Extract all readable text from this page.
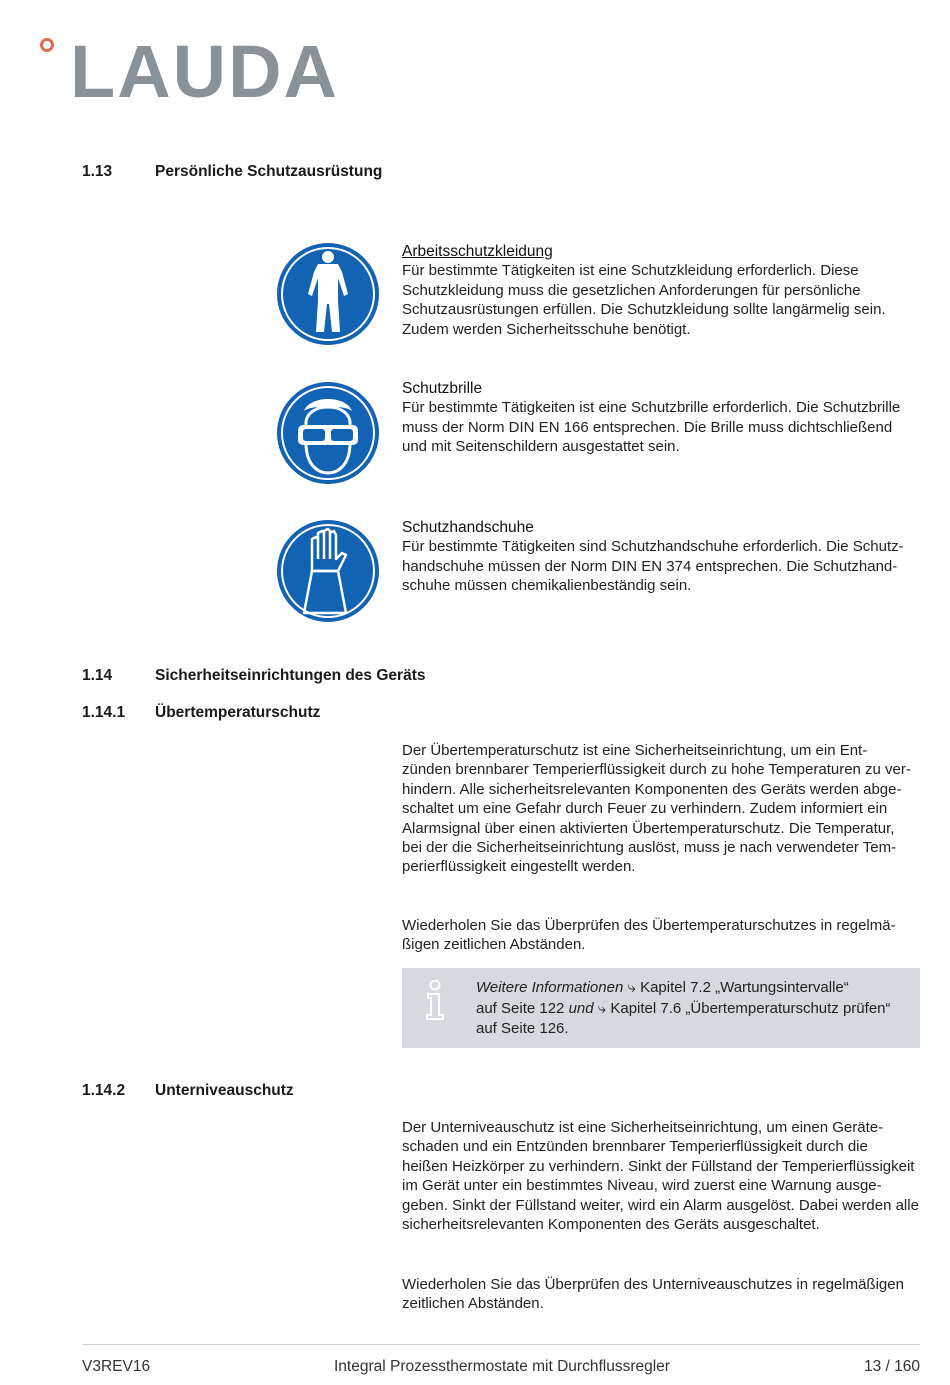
LAUDA
1.13	Persönliche Schutzausrüstung
Arbeitsschutzkleidung
Für bestimmte Tätigkeiten ist eine Schutzkleidung erforderlich. Diese
Schutzkleidung muss die gesetzlichen Anforderungen für persönliche
Schutzausrüstungen erfüllen. Die Schutzkleidung sollte langärmelig sein.
Zudem werden Sicherheitsschuhe benötigt.
Schutzbrille
Für bestimmte Tätigkeiten ist eine Schutzbrille erforderlich. Die Schutzbrille
muss der Norm DIN EN 166 entsprechen. Die Brille muss dichtschließend
und mit Seitenschildern ausgestattet sein.
Schutzhandschuhe
Für bestimmte Tätigkeiten sind Schutzhandschuhe erforderlich. Die Schutz-
handschuhe müssen der Norm DIN EN 374 entsprechen. Die Schutzhand-
schuhe müssen chemikalienbeständig sein.
1.14	Sicherheitseinrichtungen des Geräts
1.14.1 Übertemperaturschutz
Der Übertemperaturschutz ist eine Sicherheitseinrichtung, um ein Ent-
zünden brennbarer Temperierflüssigkeit durch zu hohe Temperaturen zu ver-
hindern. Alle sicherheitsrelevanten Komponenten des Geräts werden abge-
schaltet um eine Gefahr durch Feuer zu verhindern. Zudem informiert ein
Alarmsignal über einen aktivierten Übertemperaturschutz. Die Temperatur,
bei der die Sicherheitseinrichtung auslöst, muss je nach verwendeter Tem-
perierflüssigkeit eingestellt werden.
Wiederholen Sie das Überprüfen des Übertemperaturschutzes in regelmä-
ßigen zeitlichen Abständen.
Weitere Informationen ⤷ Kapitel 7.2 „Wartungsintervalle“
auf Seite 122 und ⤷ Kapitel 7.6 „Übertemperaturschutz prüfen“
auf Seite 126.
1.14.2 Unterniveauschutz
Der Unterniveauschutz ist eine Sicherheitseinrichtung, um einen Geräte-
schaden und ein Entzünden brennbarer Temperierflüssigkeit durch die
heißen Heizkörper zu verhindern. Sinkt der Füllstand der Temperierflüssigkeit
im Gerät unter ein bestimmtes Niveau, wird zuerst eine Warnung ausge-
geben. Sinkt der Füllstand weiter, wird ein Alarm ausgelöst. Dabei werden alle
sicherheitsrelevanten Komponenten des Geräts ausgeschaltet.
Wiederholen Sie das Überprüfen des Unterniveauschutzes in regelmäßigen
zeitlichen Abständen.
V3REV16	Integral Prozessthermostate mit Durchflussregler	13 / 160
